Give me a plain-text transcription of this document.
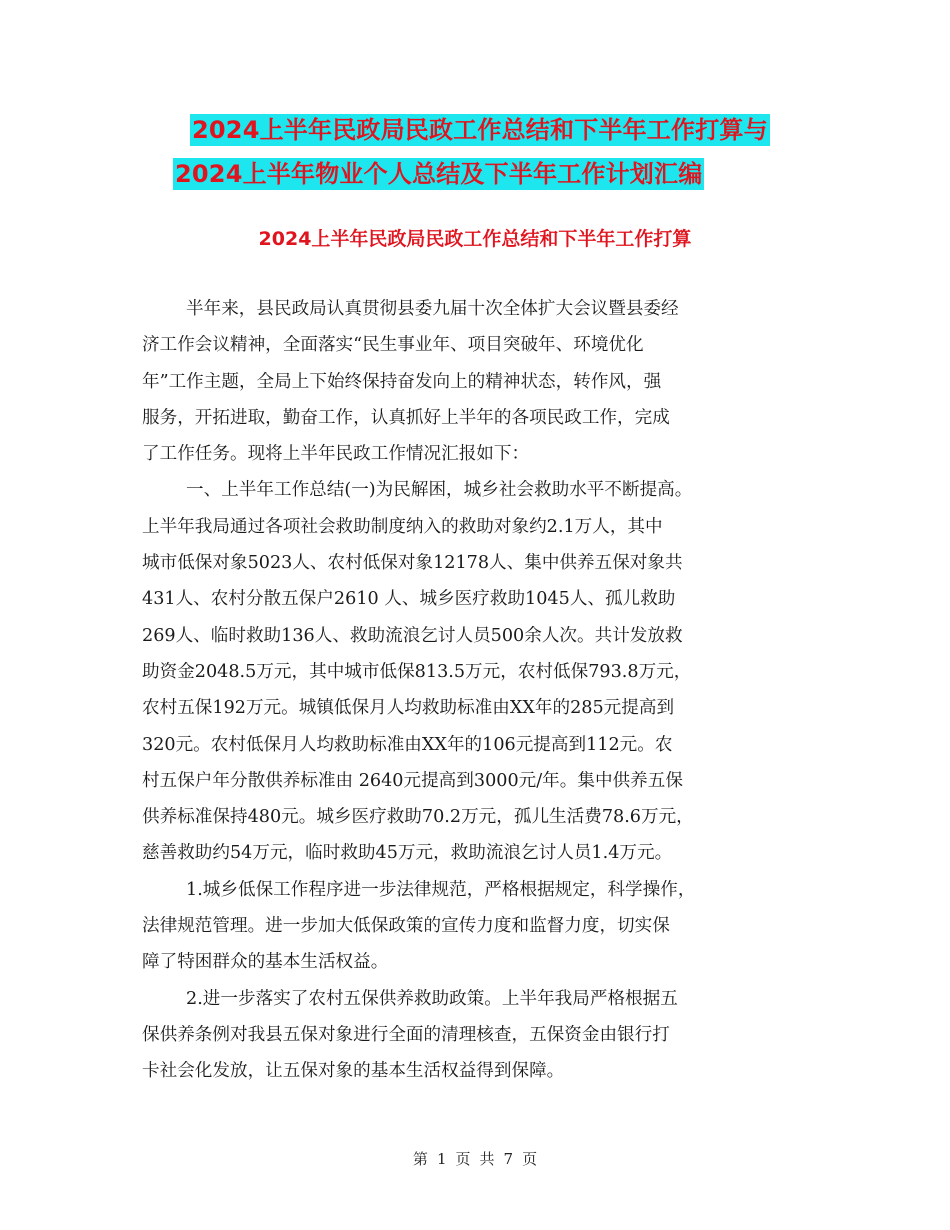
2024上半年民政局民政工作总结和下半年工作打算与
2024上半年物业个人总结及下半年工作计划汇编
2024上半年民政局民政工作总结和下半年工作打算
半年来，县民政局认真贯彻县委九届十次全体扩大会议暨县委经
济工作会议精神，全面落实“民生事业年、项目突破年、环境优化
年”工作主题，全局上下始终保持奋发向上的精神状态，转作风，强
服务，开拓进取，勤奋工作，认真抓好上半年的各项民政工作，完成
了工作任务。现将上半年民政工作情况汇报如下：
一、上半年工作总结(一)为民解困，城乡社会救助水平不断提高。
上半年我局通过各项社会救助制度纳入的救助对象约2.1万人，其中
城市低保对象5023人、农村低保对象12178人、集中供养五保对象共
431人、农村分散五保户2610 人、城乡医疗救助1045人、孤儿救助
269人、临时救助136人、救助流浪乞讨人员500余人次。共计发放救
助资金2048.5万元，其中城市低保813.5万元，农村低保793.8万元，
农村五保192万元。城镇低保月人均救助标准由XX年的285元提高到
320元。农村低保月人均救助标准由XX年的106元提高到112元。农
村五保户年分散供养标准由 2640元提高到3000元/年。集中供养五保
供养标准保持480元。城乡医疗救助70.2万元，孤儿生活费78.6万元，
慈善救助约54万元，临时救助45万元，救助流浪乞讨人员1.4万元。
1.城乡低保工作程序进一步法律规范，严格根据规定，科学操作，
法律规范管理。进一步加大低保政策的宣传力度和监督力度，切实保
障了特困群众的基本生活权益。
2.进一步落实了农村五保供养救助政策。上半年我局严格根据五
保供养条例对我县五保对象进行全面的清理核查，五保资金由银行打
卡社会化发放，让五保对象的基本生活权益得到保障。
第 1 页 共 7 页
